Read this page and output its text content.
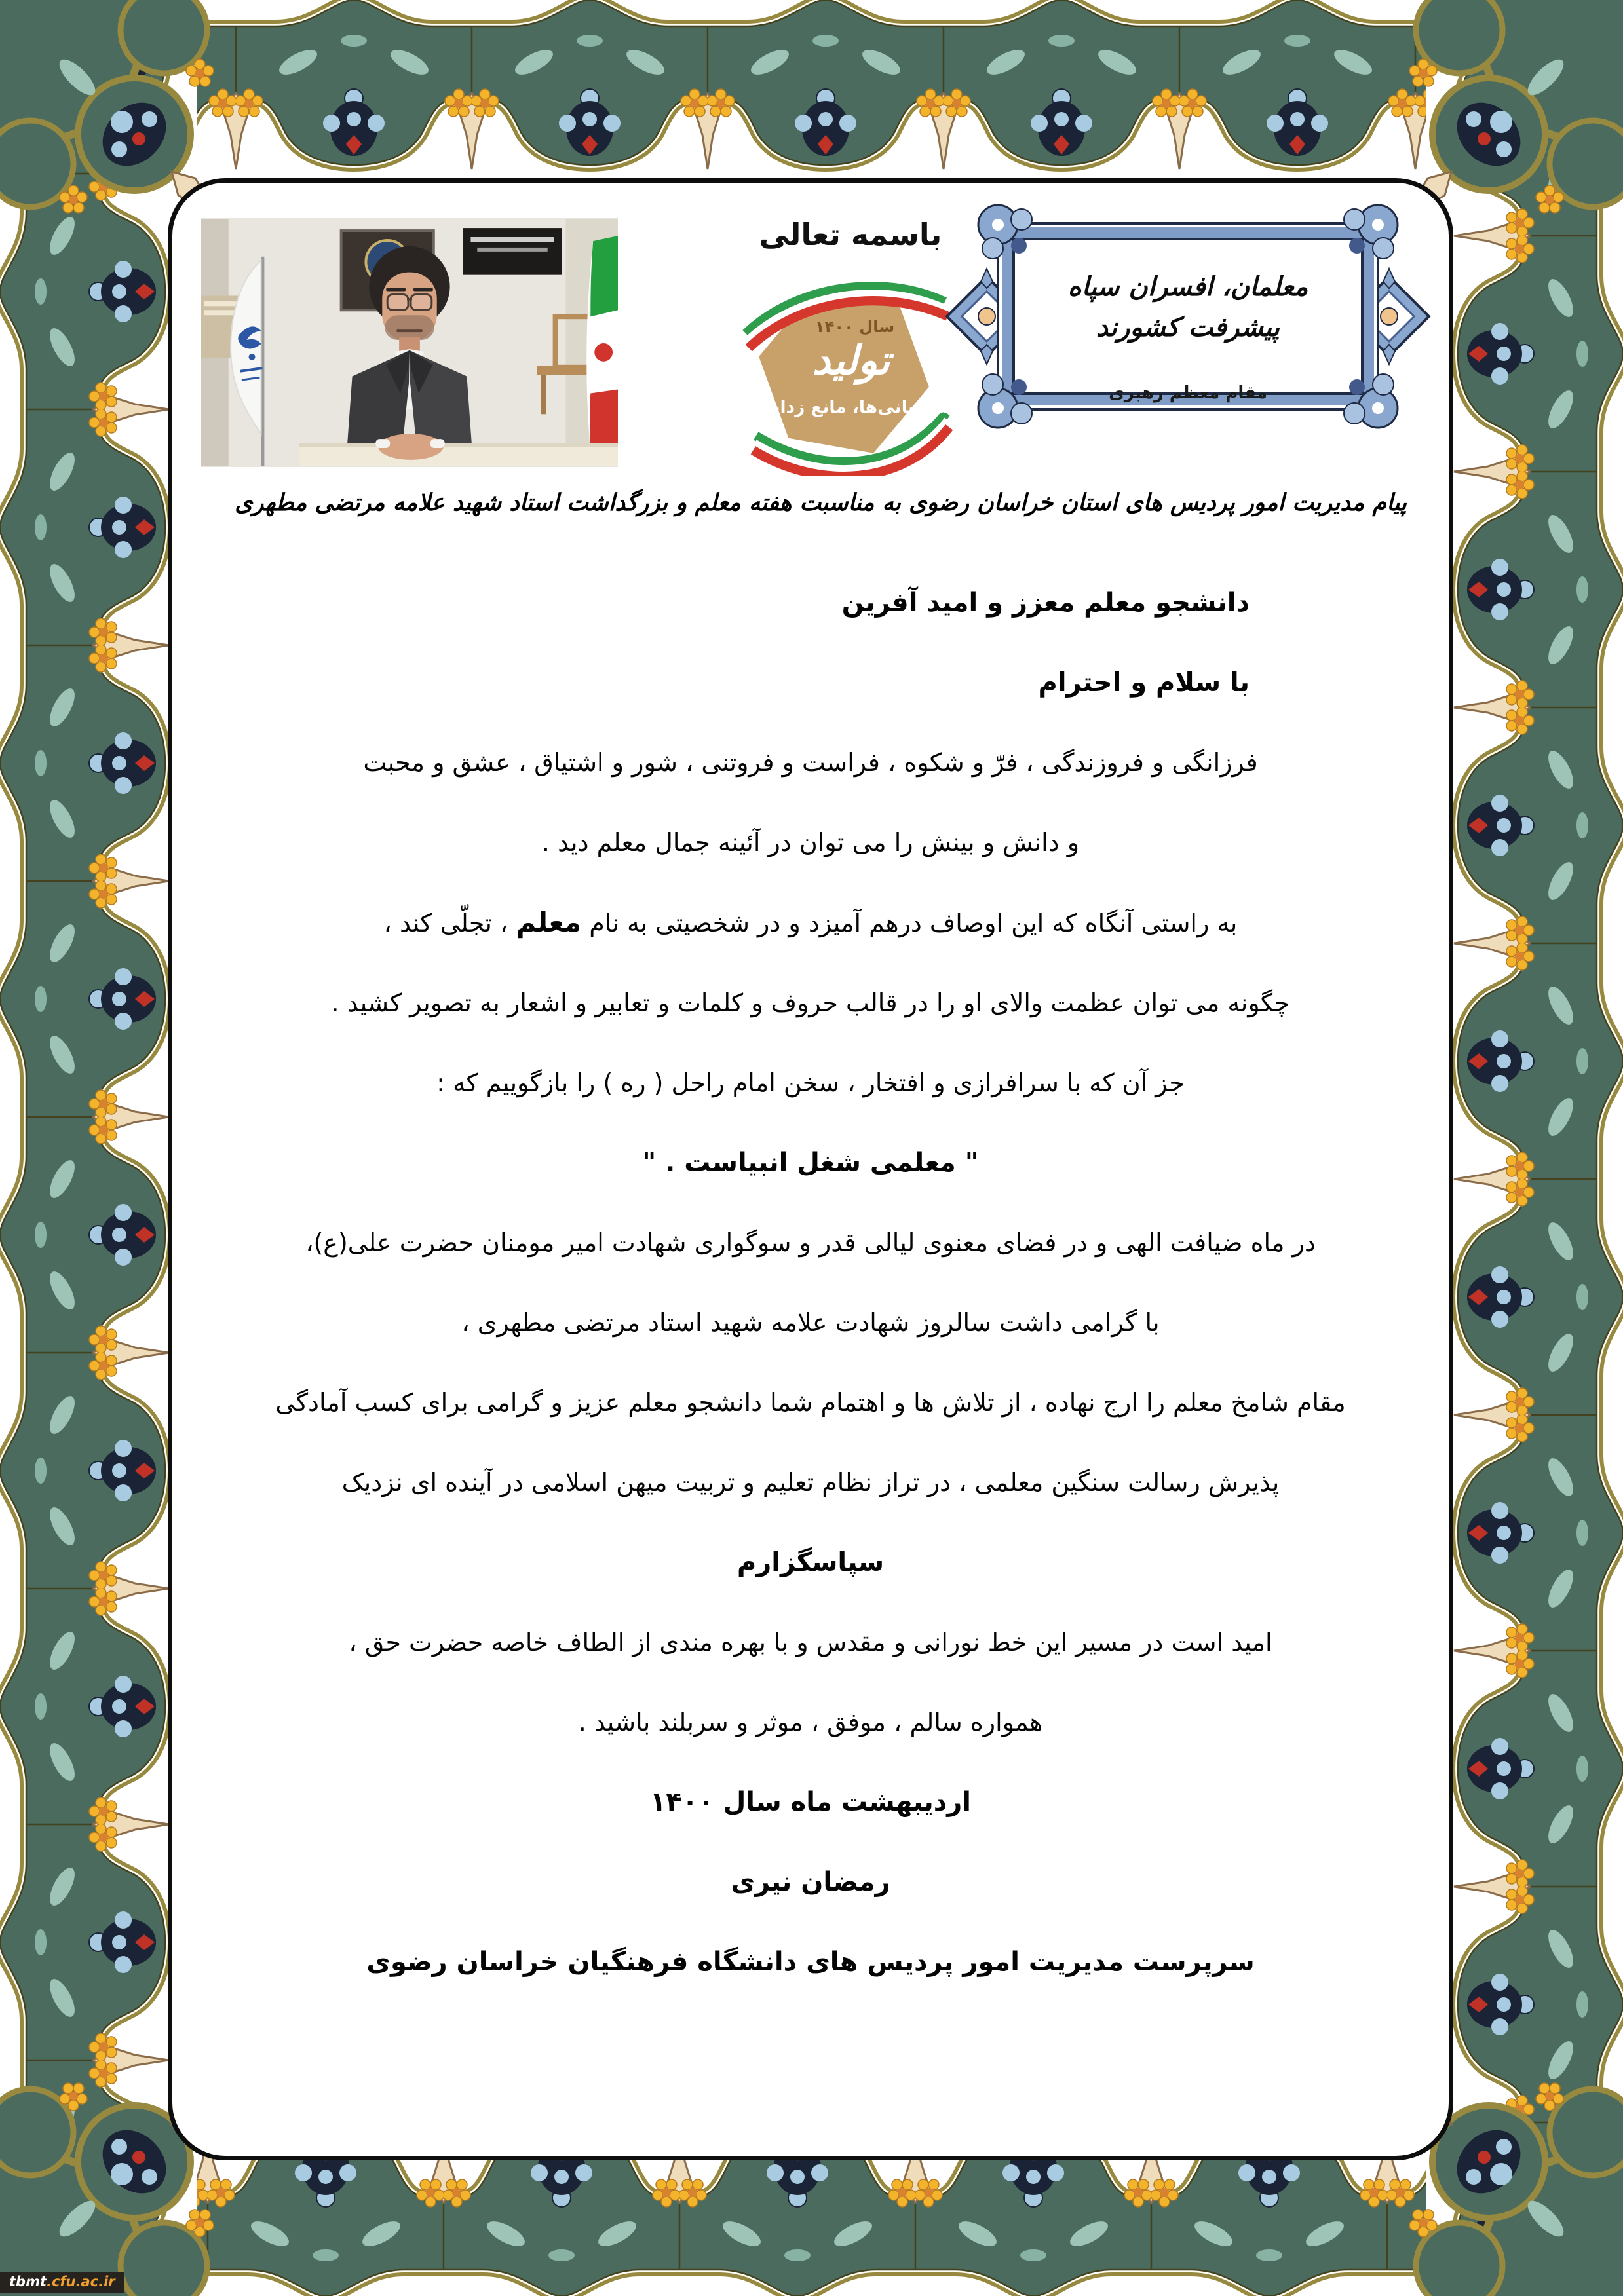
باسمه تعالی
سال ۱۴۰۰
تولید
پشتیبانی‌ها، مانع زدایی‌ها
معلمان، افسران سپاه پیشرفت کشورند
مقام معظم رهبری
پیام مدیریت امور پردیس های استان خراسان رضوی به مناسبت هفته معلم و بزرگداشت استاد شهید علامه مرتضی مطهری

دانشجو معلم معزز و امید آفرین

با سلام و احترام

فرزانگی و فروزندگی ، فرّ و شکوه ، فراست و فروتنی ، شور و اشتیاق ، عشق و محبت

و دانش و بینش را می توان در آئینه جمال معلم دید .

به راستی آنگاه که این اوصاف درهم آمیزد و در شخصیتی به نام معلم ، تجلّی کند ،

چگونه می توان عظمت والای او را در قالب حروف و کلمات و تعابیر و اشعار به تصویر کشید .

جز آن که با سرافرازی و افتخار ، سخن امام راحل ( ره ) را بازگوییم که :

" معلمی شغل انبیاست . "

در ماه ضیافت الهی و در فضای معنوی لیالی قدر و سوگواری شهادت امیر مومنان حضرت علی(ع)،

با گرامی داشت سالروز شهادت علامه شهید استاد مرتضی مطهری ،

مقام شامخ معلم را ارج نهاده ، از تلاش ها و اهتمام شما دانشجو معلم عزیز و گرامی برای کسب آمادگی

پذیرش رسالت سنگین معلمی ، در تراز نظام تعلیم و تربیت میهن اسلامی در آینده ای نزدیک

سپاسگزارم

امید است در مسیر این خط نورانی و مقدس و با بهره مندی از الطاف خاصه حضرت حق ،

همواره سالم ، موفق ، موثر و سربلند باشید .

اردیبهشت ماه سال ۱۴۰۰

رمضان نیری

سرپرست مدیریت امور پردیس های دانشگاه فرهنگیان خراسان رضوی

tbmt.cfu.ac.ir
